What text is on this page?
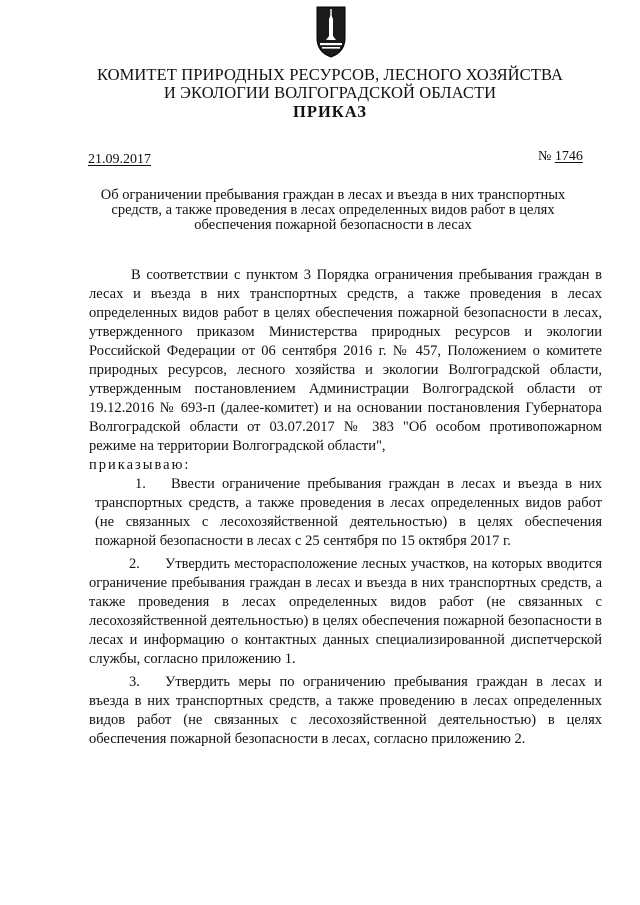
КОМИТЕТ ПРИРОДНЫХ РЕСУРСОВ, ЛЕСНОГО ХОЗЯЙСТВА
И ЭКОЛОГИИ ВОЛГОГРАДСКОЙ ОБЛАСТИ
ПРИКАЗ
21.09.2017	№ 1746
Об ограничении пребывания граждан в лесах и въезда в них транспортных
средств, а также проведения в лесах определенных видов работ в целях
обеспечения пожарной безопасности в лесах

В соответствии с пунктом 3 Порядка ограничения пребывания граждан в лесах и въезда в них транспортных средств, а также проведения в лесах определенных видов работ в целях обеспечения пожарной безопасности в лесах, утвержденного приказом Министерства природных ресурсов и экологии Российской Федерации от 06 сентября 2016 г. № 457, Положением о комитете природных ресурсов, лесного хозяйства и экологии Волгоградской области, утвержденным постановлением Администрации Волгоградской области от 19.12.2016 № 693-п (далее-комитет) и на основании постановления Губернатора Волгоградской области от 03.07.2017 № 383 "Об особом противопожарном режиме на территории Волгоградской области",

приказываю:

1. Ввести ограничение пребывания граждан в лесах и въезда в них транспортных средств, а также проведения в лесах определенных видов работ (не связанных с лесохозяйственной деятельностью) в целях обеспечения пожарной безопасности в лесах с 25 сентября по 15 октября 2017 г.

2. Утвердить месторасположение лесных участков, на которых вводится ограничение пребывания граждан в лесах и въезда в них транспортных средств, а также проведения в лесах определенных видов работ (не связанных с лесохозяйственной деятельностью) в целях обеспечения пожарной безопасности в лесах и информацию о контактных данных специализированной диспетчерской службы, согласно приложению 1.

3. Утвердить меры по ограничению пребывания граждан в лесах и въезда в них транспортных средств, а также проведению в лесах определенных видов работ (не связанных с лесохозяйственной деятельностью) в целях обеспечения пожарной безопасности в лесах, согласно приложению 2.
